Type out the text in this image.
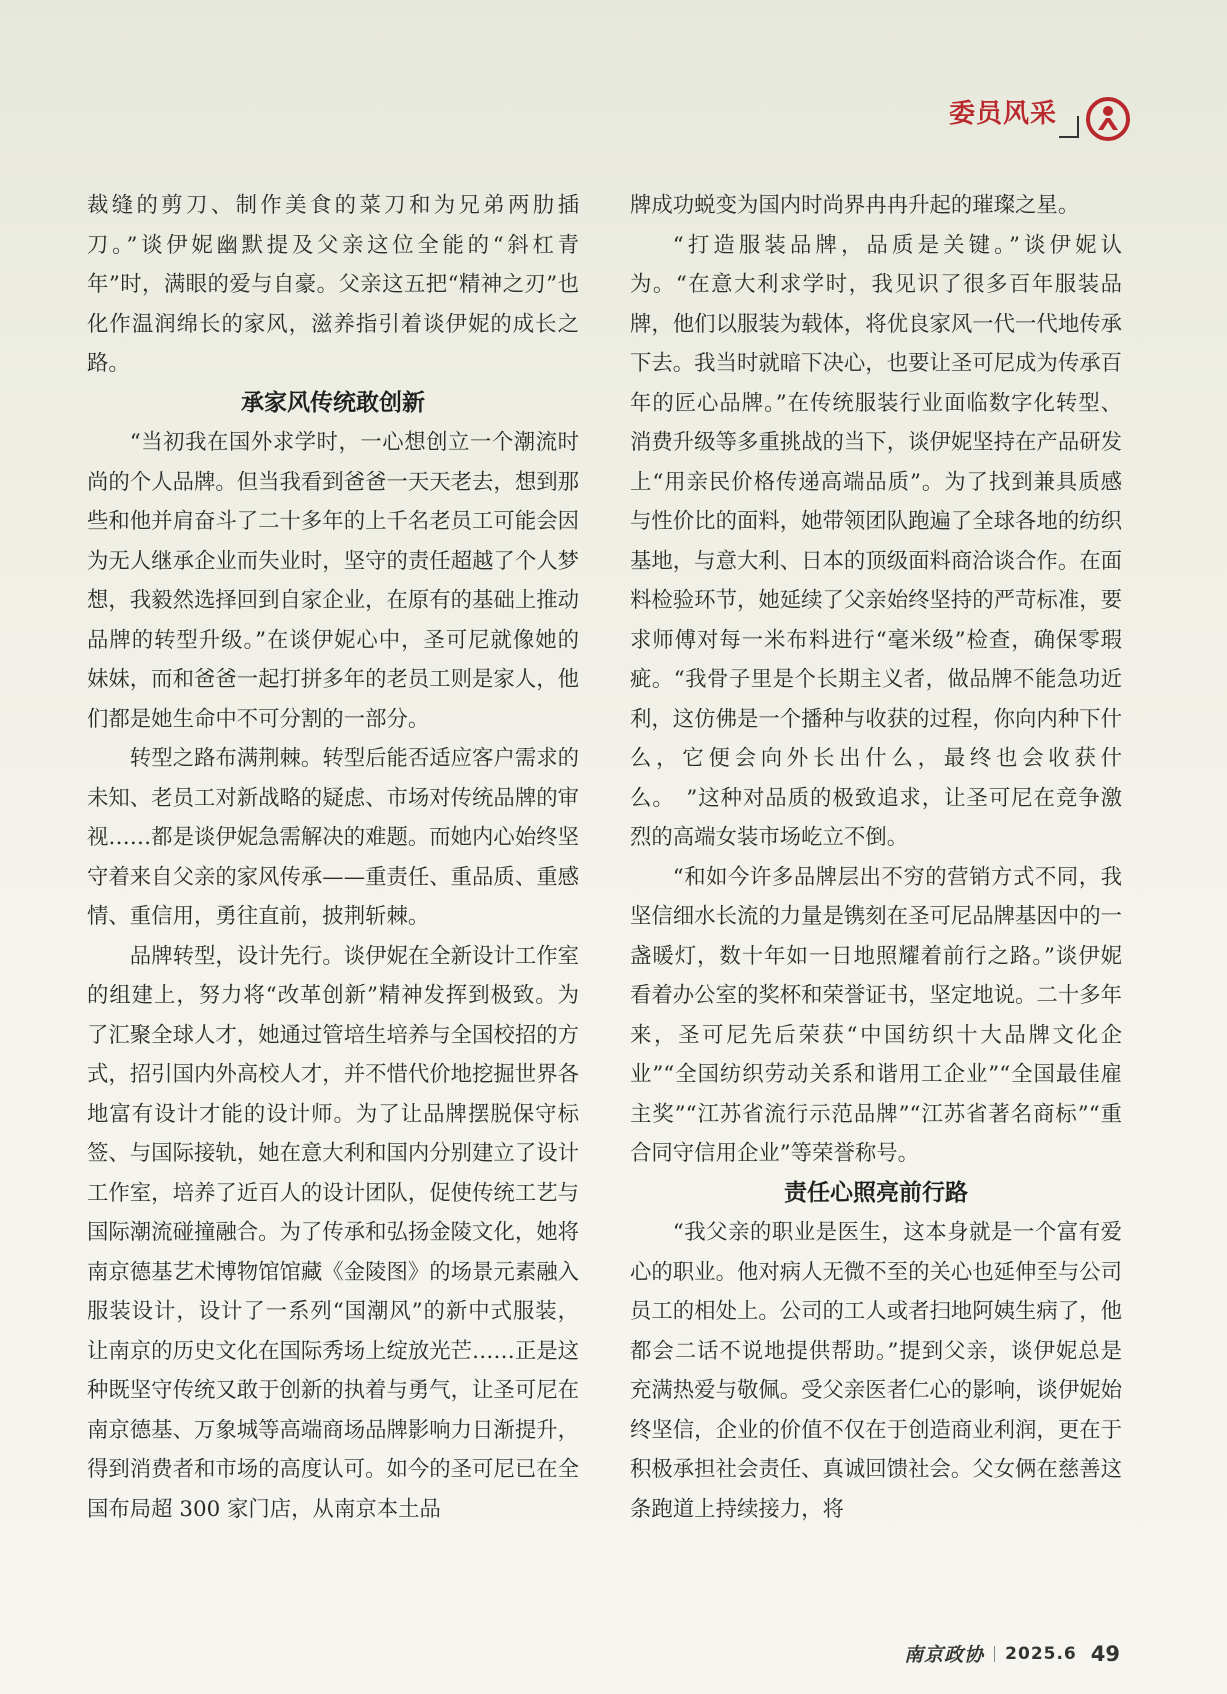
委员风采

裁缝的剪刀、制作美食的菜刀和为兄弟两肋插刀。”谈伊妮幽默提及父亲这位全能的“斜杠青年”时，满眼的爱与自豪。父亲这五把“精神之刃”也化作温润绵长的家风，滋养指引着谈伊妮的成长之路。

承家风传统敢创新

“当初我在国外求学时，一心想创立一个潮流时尚的个人品牌。但当我看到爸爸一天天老去，想到那些和他并肩奋斗了二十多年的上千名老员工可能会因为无人继承企业而失业时，坚守的责任超越了个人梦想，我毅然选择回到自家企业，在原有的基础上推动品牌的转型升级。”在谈伊妮心中，圣可尼就像她的妹妹，而和爸爸一起打拼多年的老员工则是家人，他们都是她生命中不可分割的一部分。

转型之路布满荆棘。转型后能否适应客户需求的未知、老员工对新战略的疑虑、市场对传统品牌的审视……都是谈伊妮急需解决的难题。而她内心始终坚守着来自父亲的家风传承——重责任、重品质、重感情、重信用，勇往直前，披荆斩棘。

品牌转型，设计先行。谈伊妮在全新设计工作室的组建上，努力将“改革创新”精神发挥到极致。为了汇聚全球人才，她通过管培生培养与全国校招的方式，招引国内外高校人才，并不惜代价地挖掘世界各地富有设计才能的设计师。为了让品牌摆脱保守标签、与国际接轨，她在意大利和国内分别建立了设计工作室，培养了近百人的设计团队，促使传统工艺与国际潮流碰撞融合。为了传承和弘扬金陵文化，她将南京德基艺术博物馆馆藏《金陵图》的场景元素融入服装设计，设计了一系列“国潮风”的新中式服装，让南京的历史文化在国际秀场上绽放光芒……正是这种既坚守传统又敢于创新的执着与勇气，让圣可尼在南京德基、万象城等高端商场品牌影响力日渐提升，得到消费者和市场的高度认可。如今的圣可尼已在全国布局超 300 家门店，从南京本土品

牌成功蜕变为国内时尚界冉冉升起的璀璨之星。

“打造服装品牌，品质是关键。”谈伊妮认为。“在意大利求学时，我见识了很多百年服装品牌，他们以服装为载体，将优良家风一代一代地传承下去。我当时就暗下决心，也要让圣可尼成为传承百年的匠心品牌。”在传统服装行业面临数字化转型、消费升级等多重挑战的当下，谈伊妮坚持在产品研发上“用亲民价格传递高端品质”。为了找到兼具质感与性价比的面料，她带领团队跑遍了全球各地的纺织基地，与意大利、日本的顶级面料商洽谈合作。在面料检验环节，她延续了父亲始终坚持的严苛标准，要求师傅对每一米布料进行“毫米级”检查，确保零瑕疵。“我骨子里是个长期主义者，做品牌不能急功近利，这仿佛是一个播种与收获的过程，你向内种下什么，它便会向外长出什么，最终也会收获什么。　”这种对品质的极致追求，让圣可尼在竞争激烈的高端女装市场屹立不倒。

“和如今许多品牌层出不穷的营销方式不同，我坚信细水长流的力量是镌刻在圣可尼品牌基因中的一盏暖灯，数十年如一日地照耀着前行之路。”谈伊妮看着办公室的奖杯和荣誉证书，坚定地说。二十多年来，圣可尼先后荣获“中国纺织十大品牌文化企业”“全国纺织劳动关系和谐用工企业”“全国最佳雇主奖”“江苏省流行示范品牌”“江苏省著名商标”“重合同守信用企业”等荣誉称号。

责任心照亮前行路

“我父亲的职业是医生，这本身就是一个富有爱心的职业。他对病人无微不至的关心也延伸至与公司员工的相处上。公司的工人或者扫地阿姨生病了，他都会二话不说地提供帮助。”提到父亲，谈伊妮总是充满热爱与敬佩。受父亲医者仁心的影响，谈伊妮始终坚信，企业的价值不仅在于创造商业利润，更在于积极承担社会责任、真诚回馈社会。父女俩在慈善这条跑道上持续接力，将

南京政协 2025.6 49
